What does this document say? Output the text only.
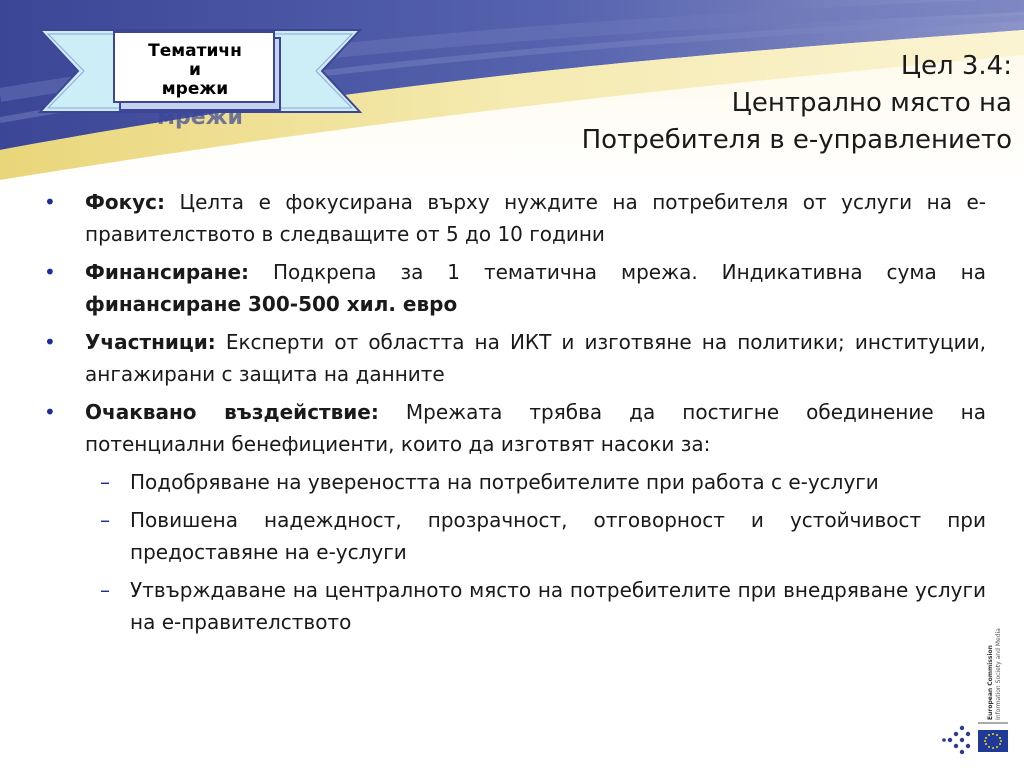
мрежи
Тематичн
и
мрежи
Цел 3.4:
Централно място на
Потребителя в е-управлението
•	Фокус: Целта е фокусирана върху нуждите на потребителя от услуги на е-правителството в следващите от 5 до 10 години
•	Финансиране: Подкрепа за 1 тематична мрежа. Индикативна сума на финансиране 300-500 хил. евро
•	Участници: Експерти от областта на ИКТ и изготвяне на политики; институции, ангажирани с защита на данните
•	Очаквано въздействие: Мрежата трябва да постигне обединение на потенциални бенефициенти, които да изготвят насоки за:
– Подобряване на увереността на потребителите при работа с е-услуги
– Повишена надеждност, прозрачност, отговорност и устойчивост при предоставяне на е-услуги
– Утвърждаване на централното място на потребителите при внедряване услуги на е-правителството
European Commission Information Society and Media
